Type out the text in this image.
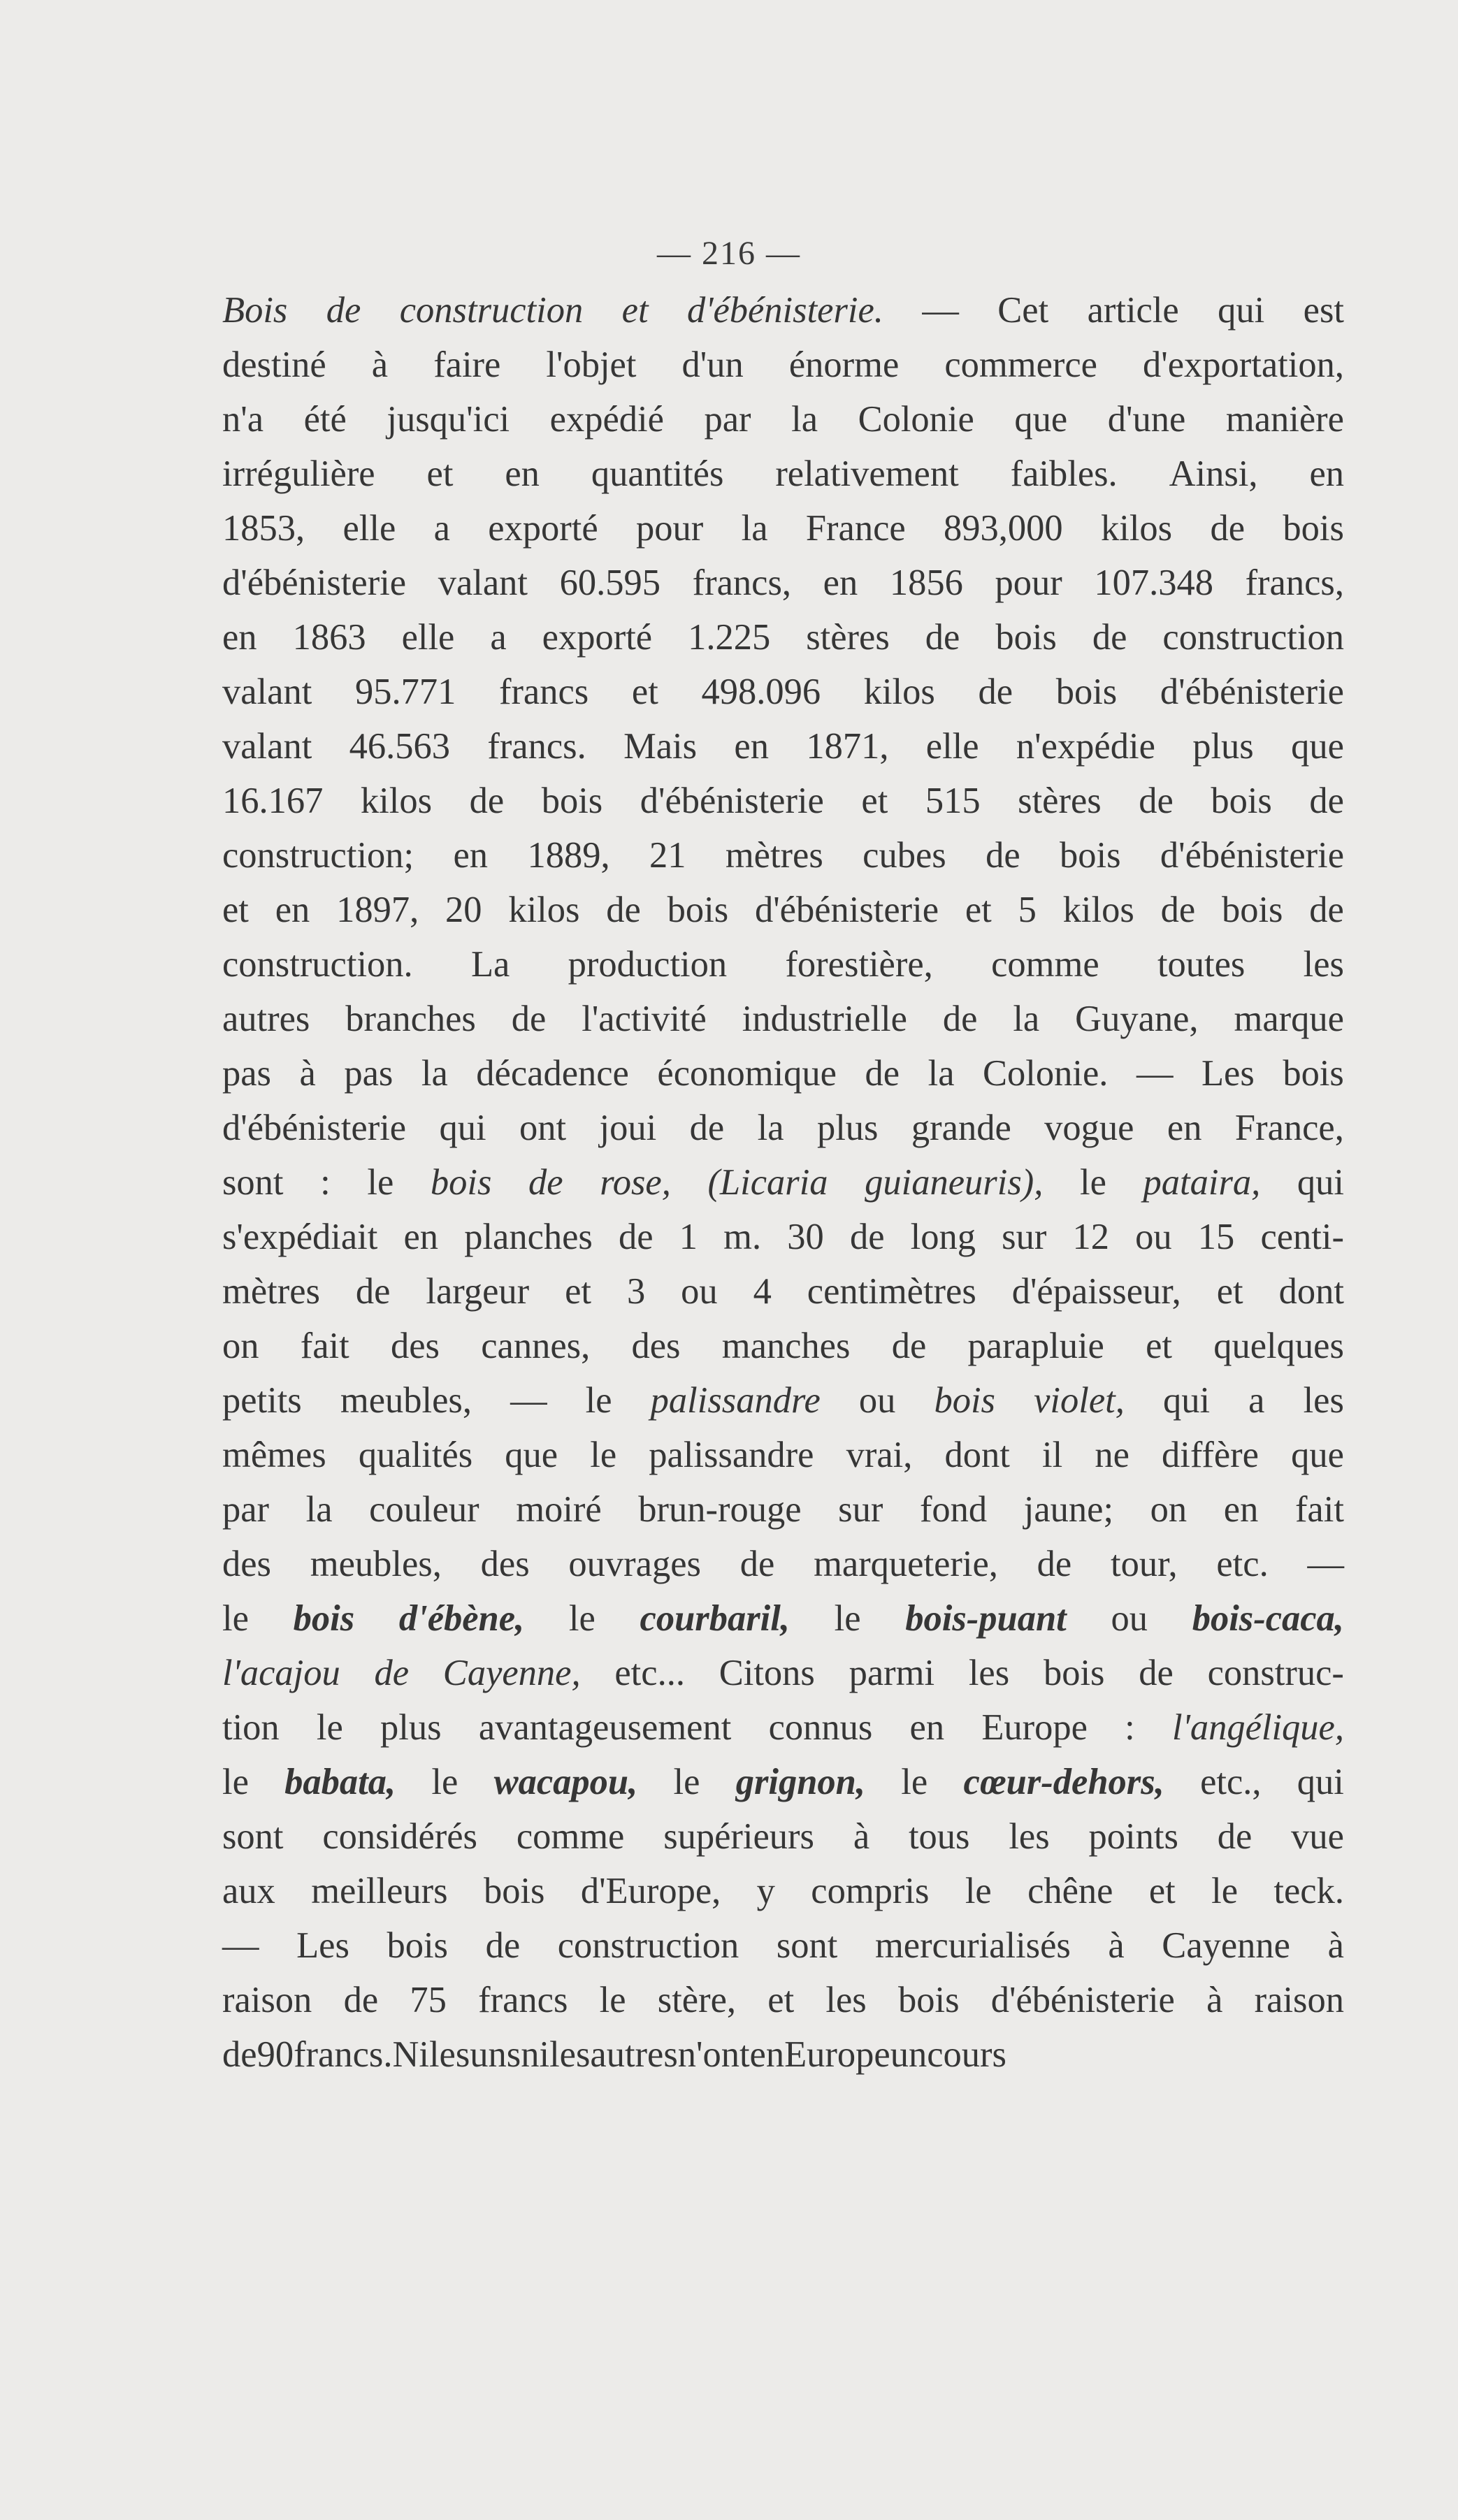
— 216 —
Bois de construction et d'ébénisterie. — Cet article qui est
destiné à faire l'objet d'un énorme commerce d'exportation,
n'a été jusqu'ici expédié par la Colonie que d'une manière
irrégulière et en quantités relativement faibles. Ainsi, en
1853, elle a exporté pour la France 893,000 kilos de bois
d'ébénisterie valant 60.595 francs, en 1856 pour 107.348 francs,
en 1863 elle a exporté 1.225 stères de bois de construction
valant 95.771 francs et 498.096 kilos de bois d'ébénisterie
valant 46.563 francs. Mais en 1871, elle n'expédie plus que
16.167 kilos de bois d'ébénisterie et 515 stères de bois de
construction; en 1889, 21 mètres cubes de bois d'ébénisterie
et en 1897, 20 kilos de bois d'ébénisterie et 5 kilos de bois de
construction. La production forestière, comme toutes les
autres branches de l'activité industrielle de la Guyane, marque
pas à pas la décadence économique de la Colonie. — Les bois
d'ébénisterie qui ont joui de la plus grande vogue en France,
sont : le bois de rose, (Licaria guianeuris), le pataira, qui
s'expédiait en planches de 1 m. 30 de long sur 12 ou 15 centi-
mètres de largeur et 3 ou 4 centimètres d'épaisseur, et dont
on fait des cannes, des manches de parapluie et quelques
petits meubles, — le palissandre ou bois violet, qui a les
mêmes qualités que le palissandre vrai, dont il ne diffère que
par la couleur moiré brun-rouge sur fond jaune; on en fait
des meubles, des ouvrages de marqueterie, de tour, etc. —
le bois d'ébène, le courbaril, le bois-puant ou bois-caca,
l'acajou de Cayenne, etc... Citons parmi les bois de construc-
tion le plus avantageusement connus en Europe : l'angélique,
le babata, le wacapou, le grignon, le cœur-dehors, etc., qui
sont considérés comme supérieurs à tous les points de vue
aux meilleurs bois d'Europe, y compris le chêne et le teck.
— Les bois de construction sont mercurialisés à Cayenne à
raison de 75 francs le stère, et les bois d'ébénisterie à raison
de 90 francs. Ni les uns ni les autres n'ont en Europe un cours
